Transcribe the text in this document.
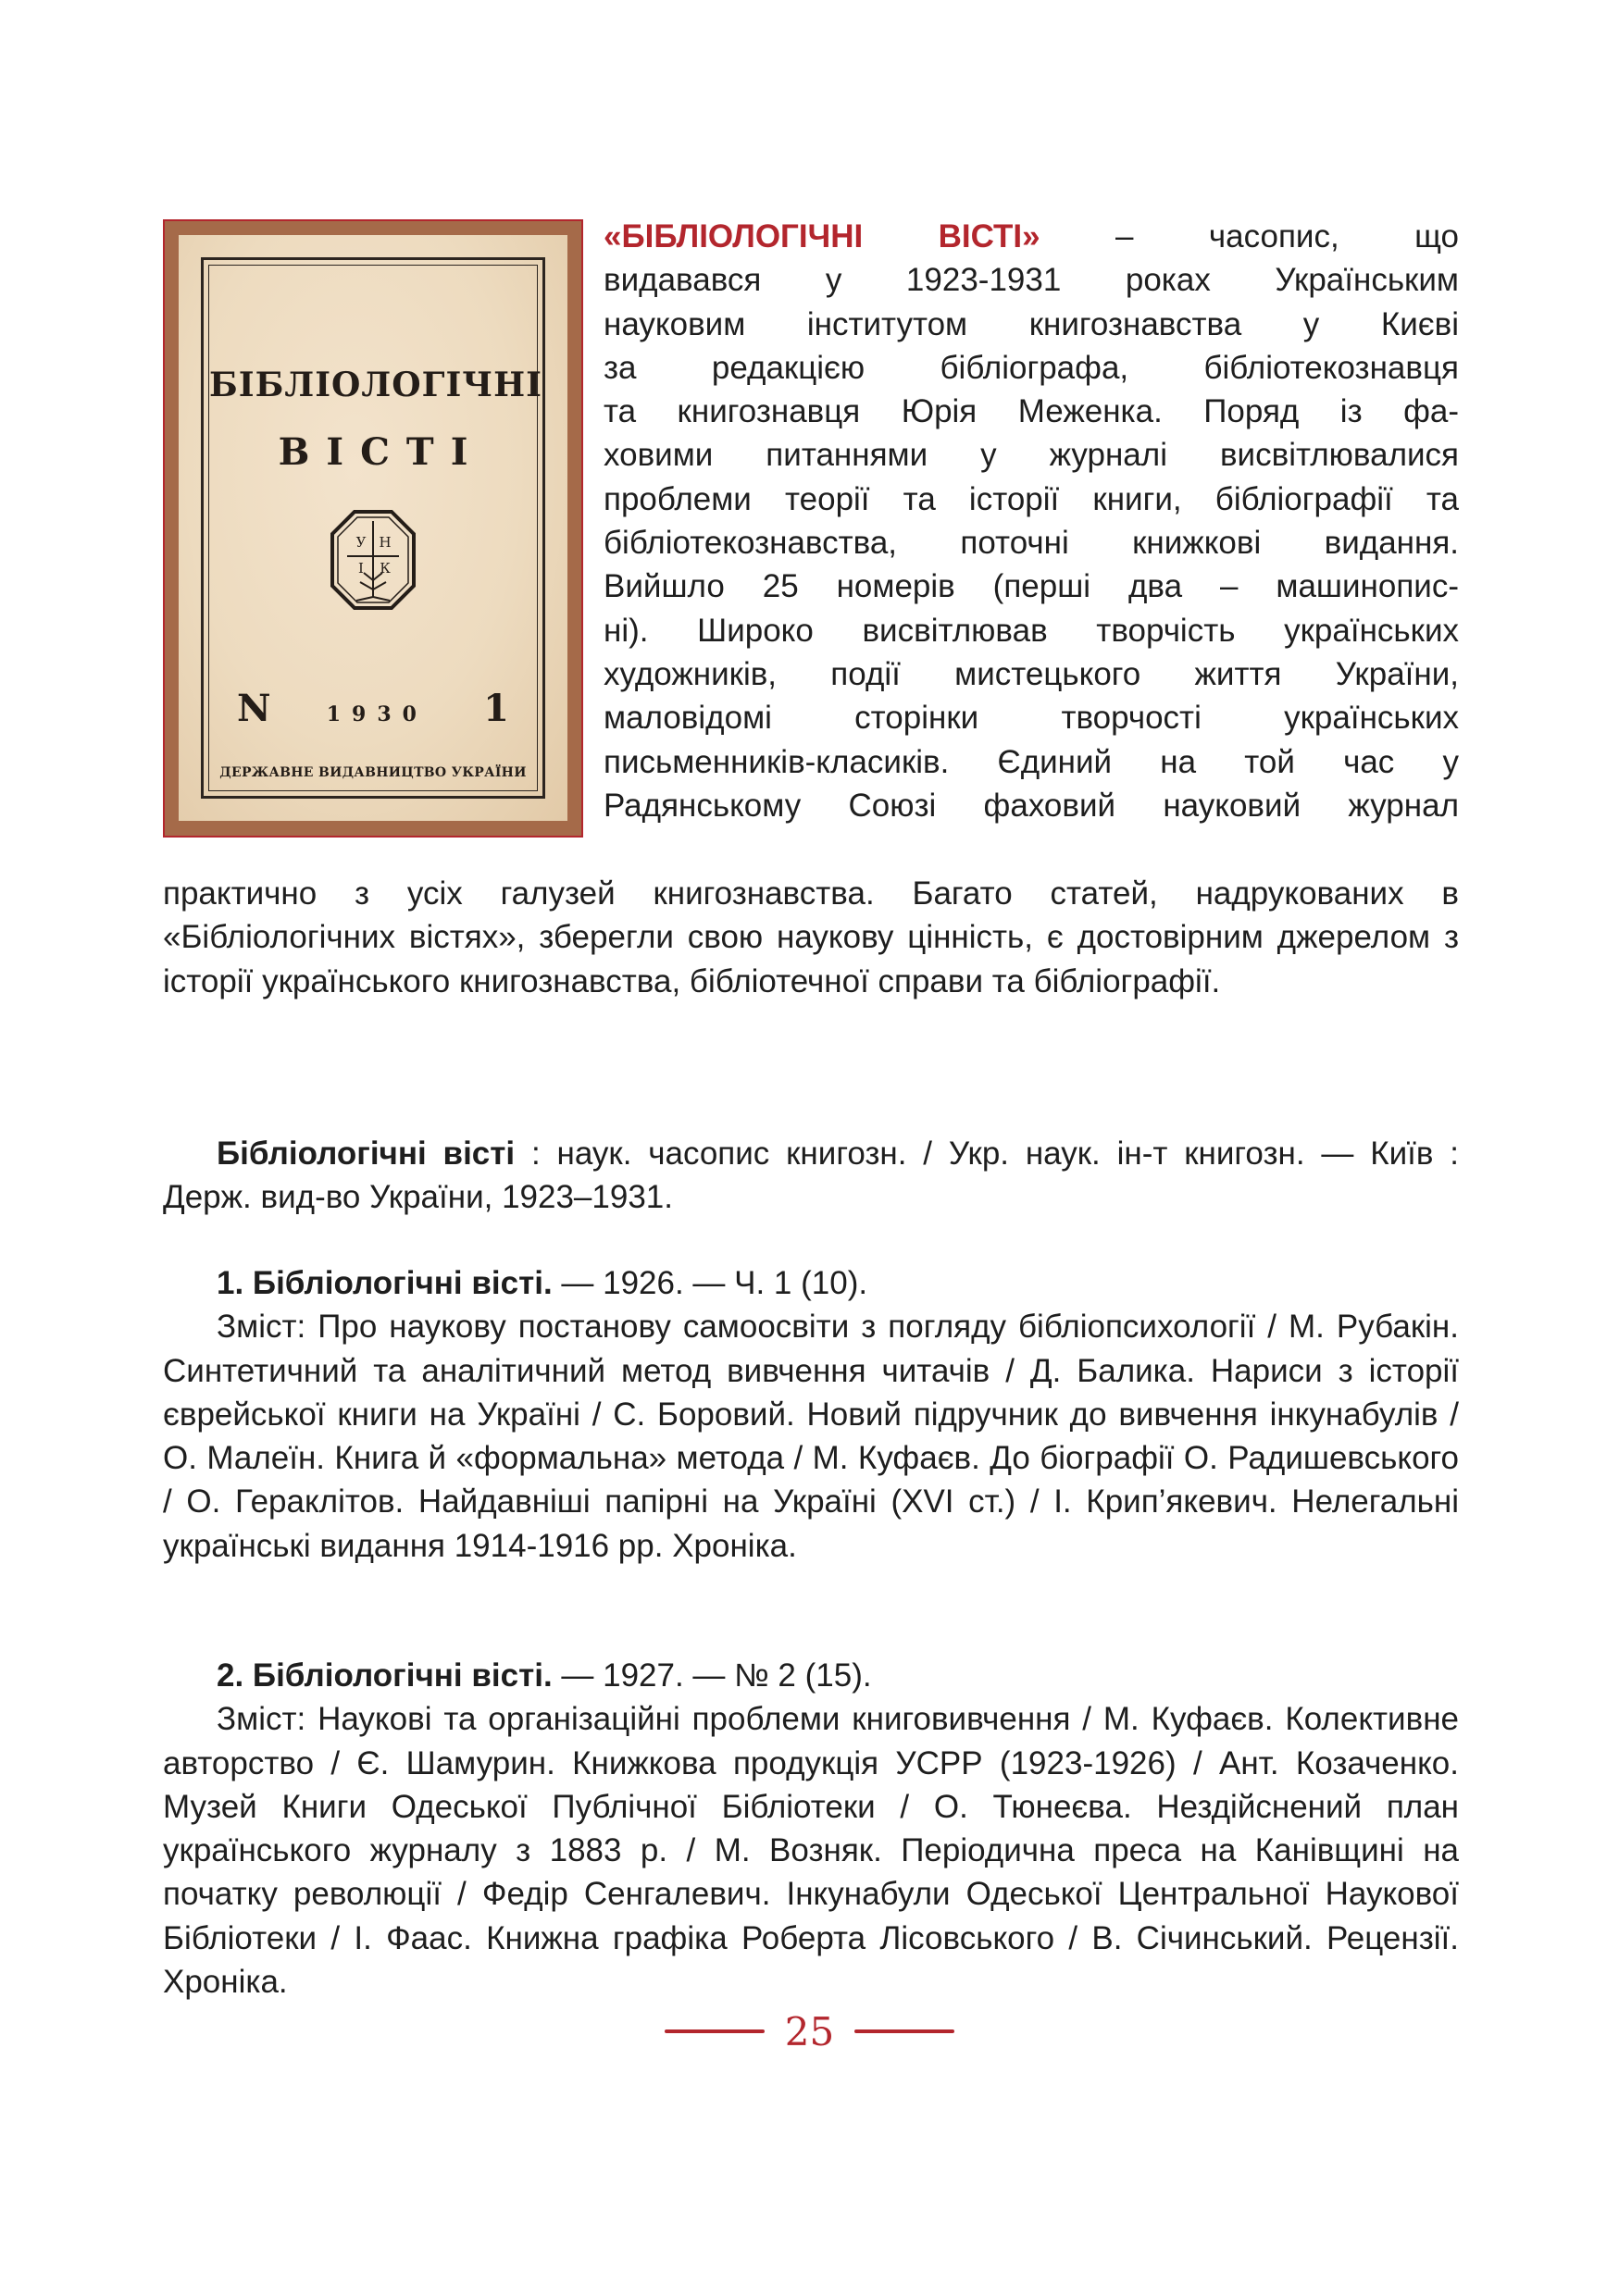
БІБЛІОЛОГІЧНІ
ВІСТІ
У Н
І К
N	1930 1
ДЕРЖАВНЕ ВИДАВНИЦТВО УКРАЇНИ
«БІБЛІОЛОГІЧНІ ВІСТІ» – часопис, що
видавався у 1923-1931 роках Українським
науковим інститутом книгознавства у Києві
за редакцією бібліографа, бібліотекознавця
та книгознавця Юрія Меженка. Поряд із фа-
ховими питаннями у журналі висвітлювалися
проблеми теорії та історії книги, бібліографії та
бібліотекознавства, поточні книжкові видання.
Вийшло 25 номерів (перші два – машинопис-
ні). Широко висвітлював творчість українських
художників, події мистецького життя України,
маловідомі сторінки творчості українських
письменників-класиків. Єдиний на той час у
Радянському Союзі фаховий науковий журнал
практично з усіх галузей книгознавства. Багато статей, надрукованих в «Бібліологічних вістях», зберегли свою наукову цінність, є достовірним джерелом з історії українського книгознавства, бібліотечної справи та бібліографії.
Бібліологічні вісті : наук. часопис книгозн. / Укр. наук. ін-т книгозн. — Київ : Держ. вид-во України, 1923–1931.
1. Бібліологічні вісті. — 1926. — Ч. 1 (10).
Зміст: Про наукову постанову самоосвіти з погляду бібліопсихології / М. Рубакін. Синтетичний та аналітичний метод вивчення читачів / Д. Балика. Нариси з історії єврейської книги на Україні / С. Боровий. Новий підручник до вивчення інкунабулів / О. Малеїн. Книга й «формальна» метода / М. Куфаєв. До біографії О. Радишевського / О. Гераклітов. Найдавніші папірні на Україні (XVI ст.) / І. Крип’якевич. Нелегальні українські видання 1914-1916 рр. Хроніка.
2. Бібліологічні вісті. — 1927. — № 2 (15).
Зміст: Наукові та організаційні проблеми книговивчення / М. Куфаєв. Колективне авторство / Є. Шамурин. Книжкова продукція УСРР (1923-1926) / Ант. Козаченко. Музей Книги Одеської Публічної Бібліотеки / О. Тюнеєва. Нездійснений план українського журналу з 1883 р. / М. Возняк. Періодична преса на Канівщині на початку революції / Федір Сенгалевич. Інкунабули Одеської Центральної Наукової Бібліотеки / І. Фаас. Книжна графіка Роберта Лісовського / В. Січинський. Рецензії. Хроніка.
25
